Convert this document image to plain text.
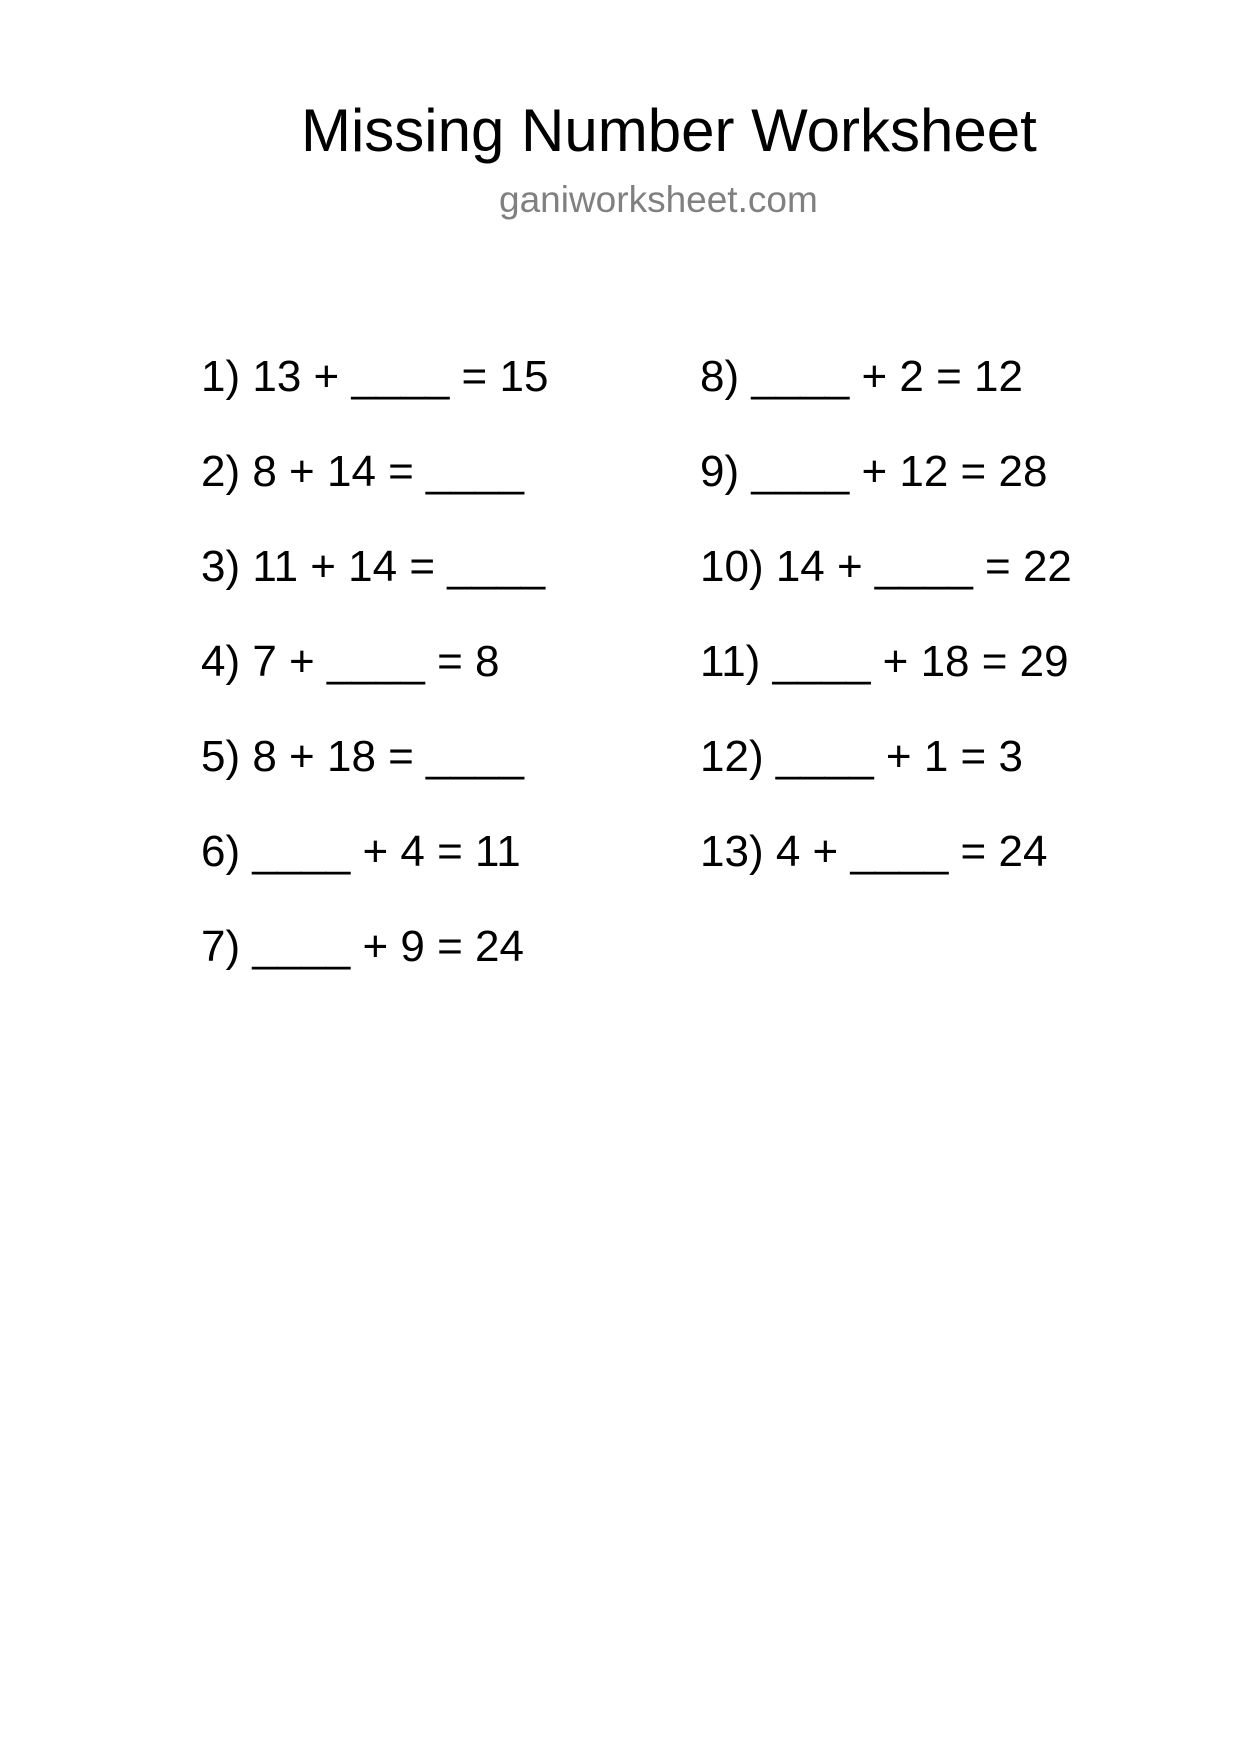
Missing Number Worksheet
ganiworksheet.com
1) 13 + ____ = 15
2) 8 + 14 = ____
3) 11 + 14 = ____
4) 7 + ____ = 8
5) 8 + 18 = ____
6) ____ + 4 = 11
7) ____ + 9 = 24
8) ____ + 2 = 12
9) ____ + 12 = 28
10) 14 + ____ = 22
11) ____ + 18 = 29
12) ____ + 1 = 3
13) 4 + ____ = 24
